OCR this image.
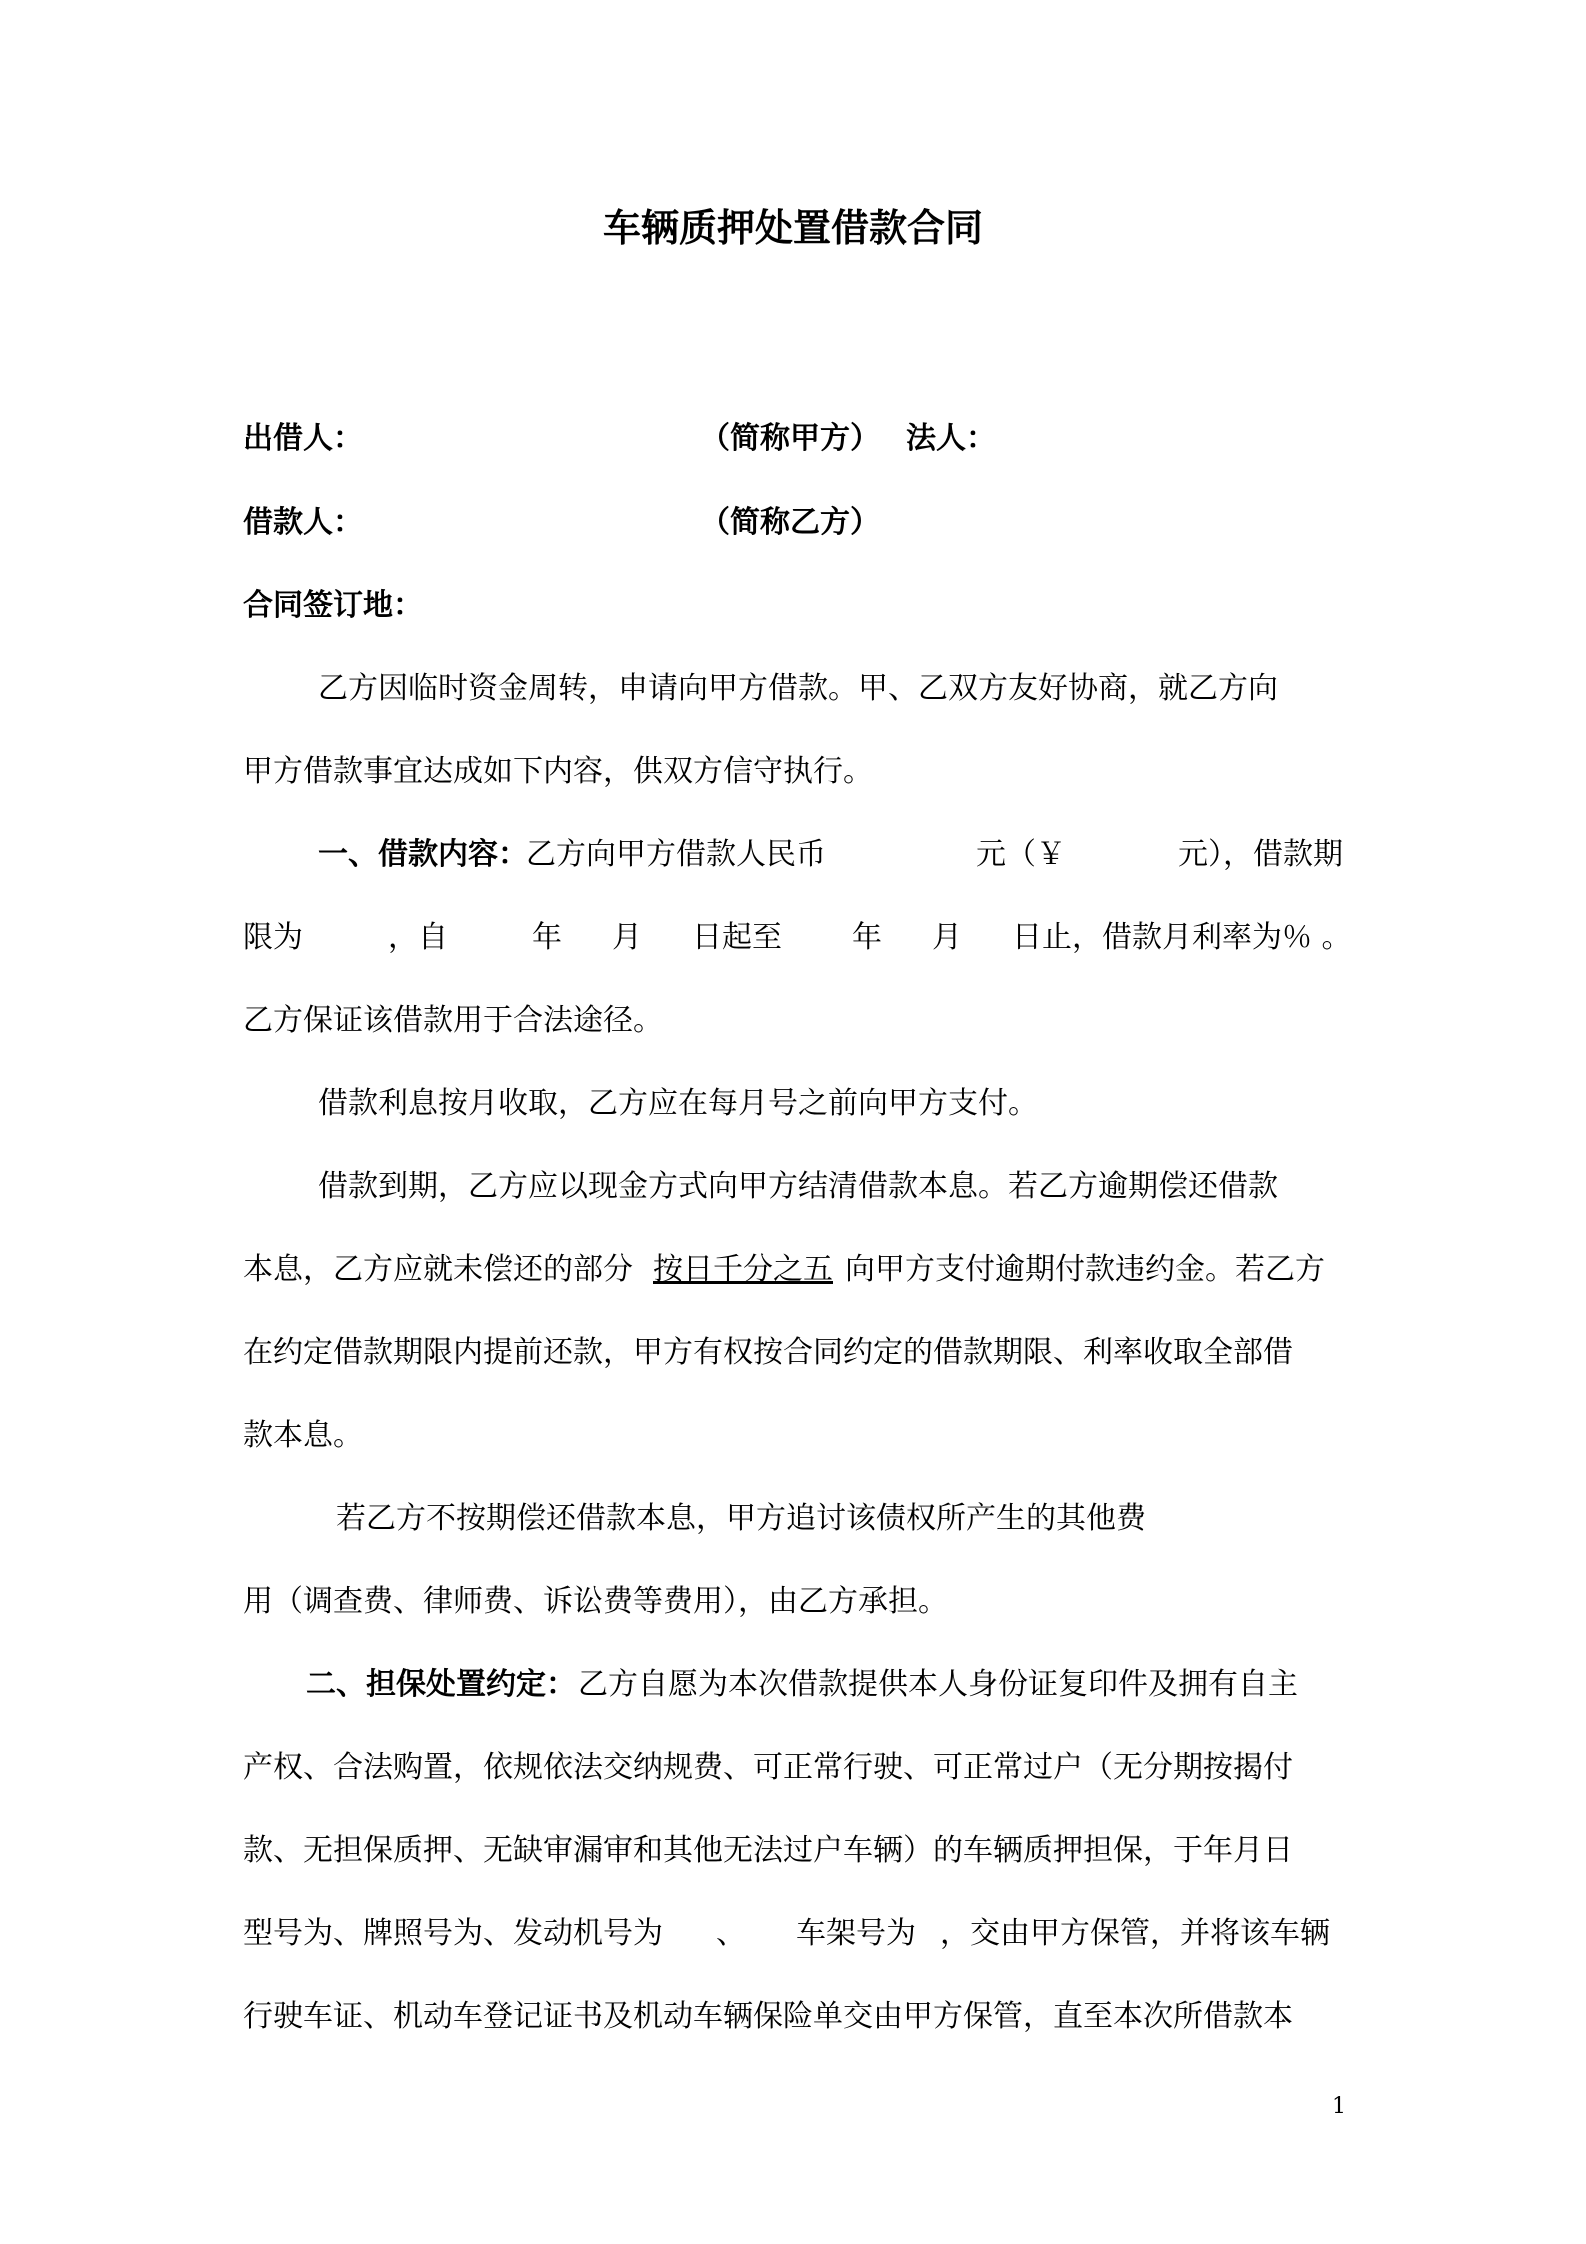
车辆质押处置借款合同
出借人：	（简称甲方） 法人：
借款人：	（简称乙方）
合同签订地：
乙方因临时资金周转，申请向甲方借款。甲、乙双方友好协商，就乙方向
甲方借款事宜达成如下内容，供双方信守执行。
一、借款内容：
乙方向甲方借款人民币	元（￥	元），借款期
限为	，自	年 月 日起至 年 月 日止，借款月利率为％ 。
乙方保证该借款用于合法途径。
借款利息按月收取，乙方应在每月号之前向甲方支付。
借款到期，乙方应以现金方式向甲方结清借款本息。若乙方逾期偿还借款
本息，乙方应就未偿还的部分 按日千分之五 向甲方支付逾期付款违约金。若乙方
在约定借款期限内提前还款，甲方有权按合同约定的借款期限、利率收取全部借
款本息。
若乙方不按期偿还借款本息，甲方追讨该债权所产生的其他费
用（调查费、律师费、诉讼费等费用），由乙方承担。
二、担保处置约定： 乙方自愿为本次借款提供本人身份证复印件及拥有自主
产权、合法购置，依规依法交纳规费、可正常行驶、可正常过户（无分期按揭付
款、无担保质押、无缺审漏审和其他无法过户车辆）的车辆质押担保，于年月日
型号为、牌照号为、发动机号为 、 车架号为 ，交由甲方保管，并将该车辆
行驶车证、机动车登记证书及机动车辆保险单交由甲方保管，直至本次所借款本
1
